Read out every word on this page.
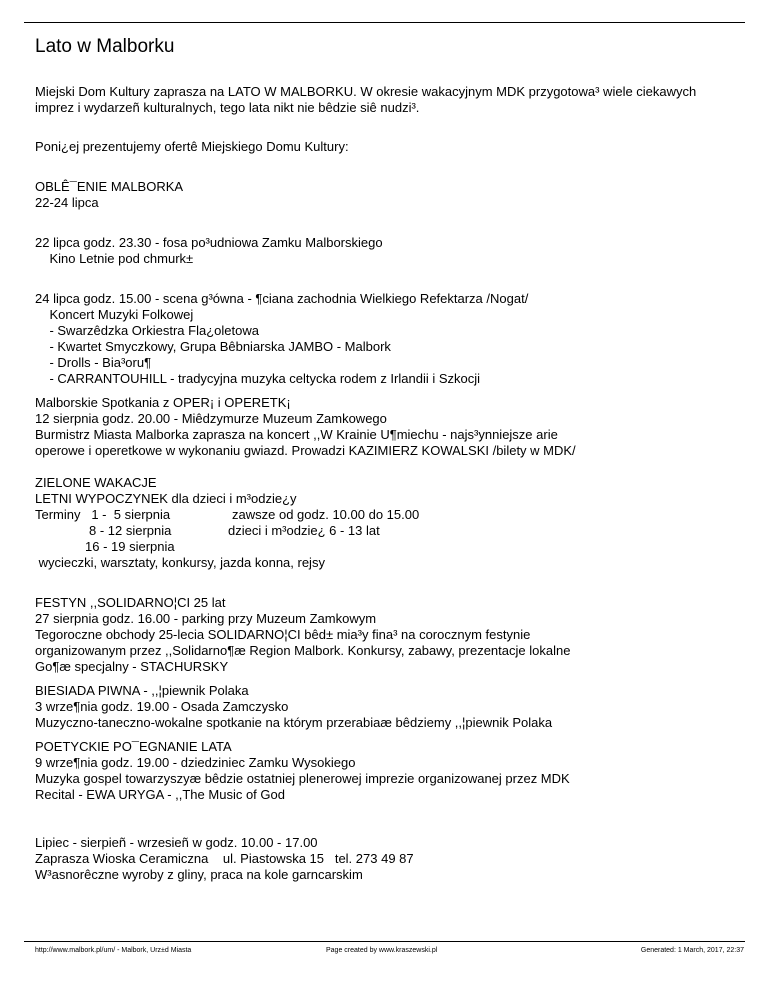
Lato w Malborku
Miejski Dom Kultury zaprasza na LATO W MALBORKU. W okresie wakacyjnym MDK przygotowa³ wiele ciekawych
imprez i wydarzeñ kulturalnych, tego lata nikt nie bêdzie siê nudzi³.
Poni¿ej prezentujemy ofertê Miejskiego Domu Kultury:
OBLÊ¯ENIE MALBORKA
22-24 lipca
22 lipca godz. 23.30 - fosa po³udniowa Zamku Malborskiego
Kino Letnie pod chmurk±
24 lipca godz. 15.00 - scena g³ówna - ¶ciana zachodnia Wielkiego Refektarza /Nogat/
Koncert Muzyki Folkowej
- Swarzêdzka Orkiestra Fla¿oletowa
- Kwartet Smyczkowy, Grupa Bêbniarska JAMBO - Malbork
- Drolls - Bia³oru¶
- CARRANTOUHILL - tradycyjna muzyka celtycka rodem z Irlandii i Szkocji
Malborskie Spotkania z OPER¡ i OPERETK¡
12 sierpnia godz. 20.00 - Miêdzymurze Muzeum Zamkowego
Burmistrz Miasta Malborka zaprasza na koncert ,,W Krainie U¶miechu - najs³ynniejsze arie
operowe i operetkowe w wykonaniu gwiazd. Prowadzi KAZIMIERZ KOWALSKI /bilety w MDK/
ZIELONE WAKACJE
LETNI WYPOCZYNEK dla dzieci i m³odzie¿y
Terminy   1 -  5 sierpnia	zawsze od godz. 10.00 do 15.00
8 - 12 sierpnia	dzieci i m³odzie¿ 6 - 13 lat
16 - 19 sierpnia
wycieczki, warsztaty, konkursy, jazda konna, rejsy
FESTYN ,,SOLIDARNO¦CI 25 lat
27 sierpnia godz. 16.00 - parking przy Muzeum Zamkowym
Tegoroczne obchody 25-lecia SOLIDARNO¦CI bêd± mia³y fina³ na corocznym festynie
organizowanym przez ,,Solidarno¶æ Region Malbork. Konkursy, zabawy, prezentacje lokalne
Go¶æ specjalny - STACHURSKY
BIESIADA PIWNA - ,,¦piewnik Polaka
3 wrze¶nia godz. 19.00 - Osada Zamczysko
Muzyczno-taneczno-wokalne spotkanie na którym przerabiaæ bêdziemy ,,¦piewnik Polaka
POETYCKIE PO¯EGNANIE LATA
9 wrze¶nia godz. 19.00 - dziedziniec Zamku Wysokiego
Muzyka gospel towarzyszyæ bêdzie ostatniej plenerowej imprezie organizowanej przez MDK
Recital - EWA URYGA - ,,The Music of God
Lipiec - sierpieñ - wrzesieñ w godz. 10.00 - 17.00
Zaprasza Wioska Ceramiczna    ul. Piastowska 15   tel. 273 49 87
W³asnorêczne wyroby z gliny, praca na kole garncarskim
http://www.malbork.pl/um/ - Malbork, Urz±d Miasta	Page created by www.kraszewski.pl	Generated: 1 March, 2017, 22:37
